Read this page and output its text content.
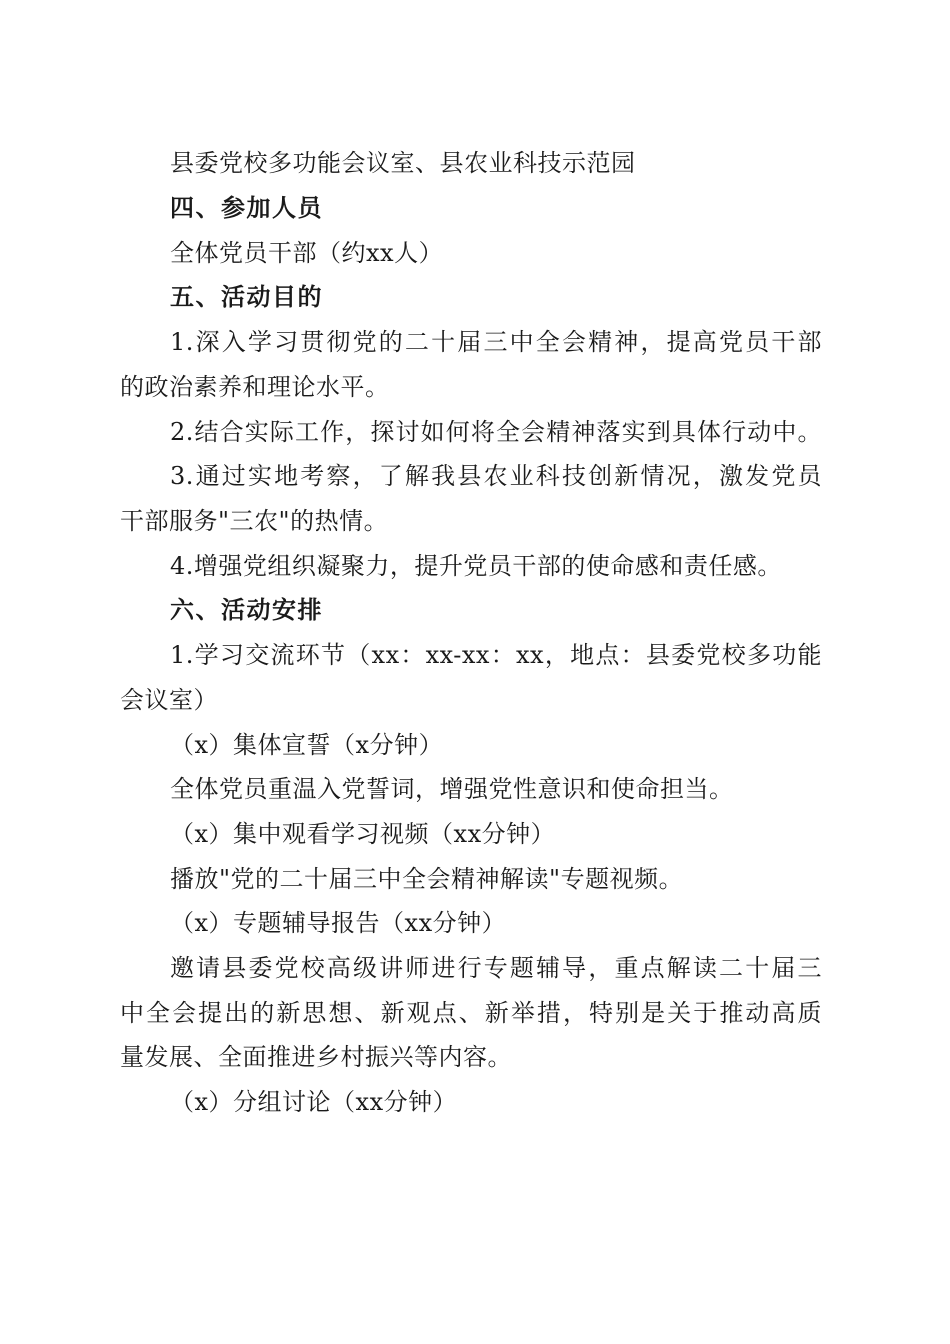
县委党校多功能会议室、县农业科技示范园
四、参加人员
全体党员干部（约xx人）
五、活动目的
1.深入学习贯彻党的二十届三中全会精神，提高党员干部
的政治素养和理论水平。
2.结合实际工作，探讨如何将全会精神落实到具体行动中。
3.通过实地考察，了解我县农业科技创新情况，激发党员
干部服务"三农"的热情。
4.增强党组织凝聚力，提升党员干部的使命感和责任感。
六、活动安排
1.学习交流环节（xx：xx-xx：xx，地点：县委党校多功能
会议室）
（x）集体宣誓（x分钟）
全体党员重温入党誓词，增强党性意识和使命担当。
（x）集中观看学习视频（xx分钟）
播放"党的二十届三中全会精神解读"专题视频。
（x）专题辅导报告（xx分钟）
邀请县委党校高级讲师进行专题辅导，重点解读二十届三
中全会提出的新思想、新观点、新举措，特别是关于推动高质
量发展、全面推进乡村振兴等内容。
（x）分组讨论（xx分钟）
